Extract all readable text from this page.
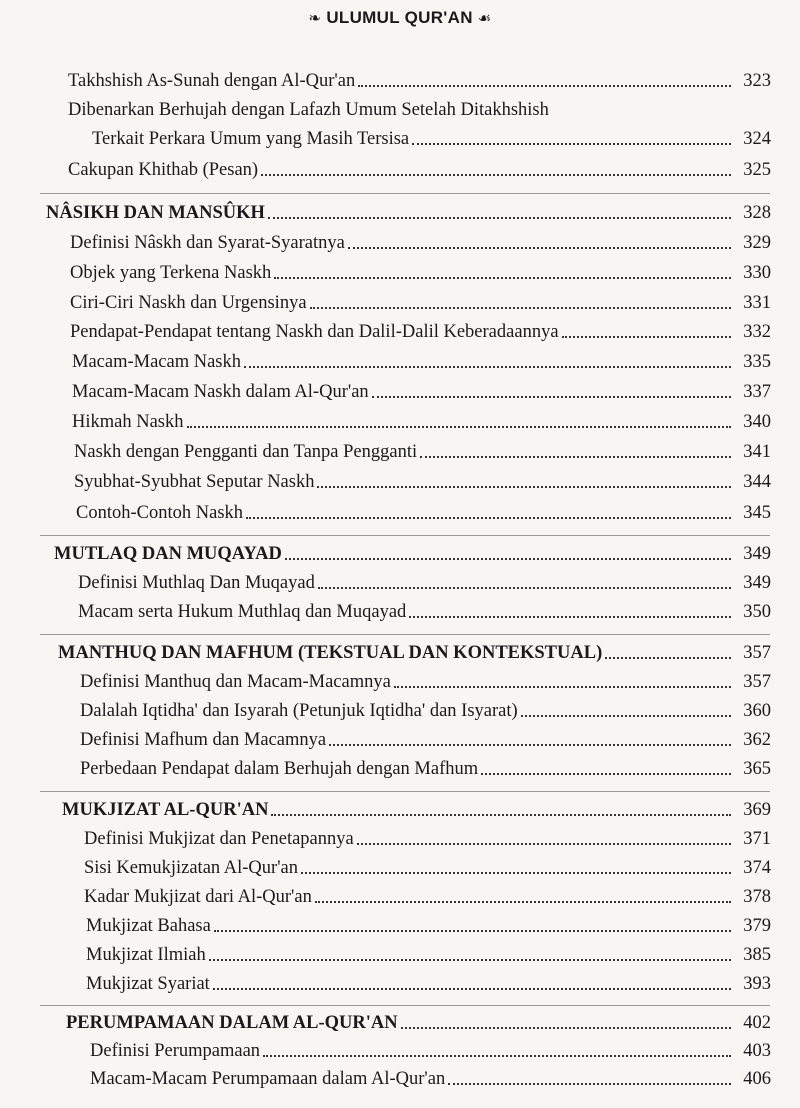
❧ ULUMUL QUR'AN ☙
Takhshish As-Sunah dengan Al-Qur'an	323
Dibenarkan Berhujah dengan Lafazh Umum Setelah Ditakhshish
Terkait Perkara Umum yang Masih Tersisa	324
Cakupan Khithab (Pesan)	325
NÂSIKH DAN MANSÛKH	328
Definisi Nâskh dan Syarat-Syaratnya	329
Objek yang Terkena Naskh	330
Ciri-Ciri Naskh dan Urgensinya	331
Pendapat-Pendapat tentang Naskh dan Dalil-Dalil Keberadaannya	332
Macam-Macam Naskh	335
Macam-Macam Naskh dalam Al-Qur'an	337
Hikmah Naskh	340
Naskh dengan Pengganti dan Tanpa Pengganti	341
Syubhat-Syubhat Seputar Naskh	344
Contoh-Contoh Naskh	345
MUTLAQ DAN MUQAYAD	349
Definisi Muthlaq Dan Muqayad	349
Macam serta Hukum Muthlaq dan Muqayad	350
MANTHUQ DAN MAFHUM (TEKSTUAL DAN KONTEKSTUAL)	357
Definisi Manthuq dan Macam-Macamnya	357
Dalalah Iqtidha' dan Isyarah (Petunjuk Iqtidha' dan Isyarat)	360
Definisi Mafhum dan Macamnya	362
Perbedaan Pendapat dalam Berhujah dengan Mafhum	365
MUKJIZAT AL-QUR'AN	369
Definisi Mukjizat dan Penetapannya	371
Sisi Kemukjizatan Al-Qur'an	374
Kadar Mukjizat dari Al-Qur'an	378
Mukjizat Bahasa	379
Mukjizat Ilmiah	385
Mukjizat Syariat	393
PERUMPAMAAN DALAM AL-QUR'AN	402
Definisi Perumpamaan	403
Macam-Macam Perumpamaan dalam Al-Qur'an	406
